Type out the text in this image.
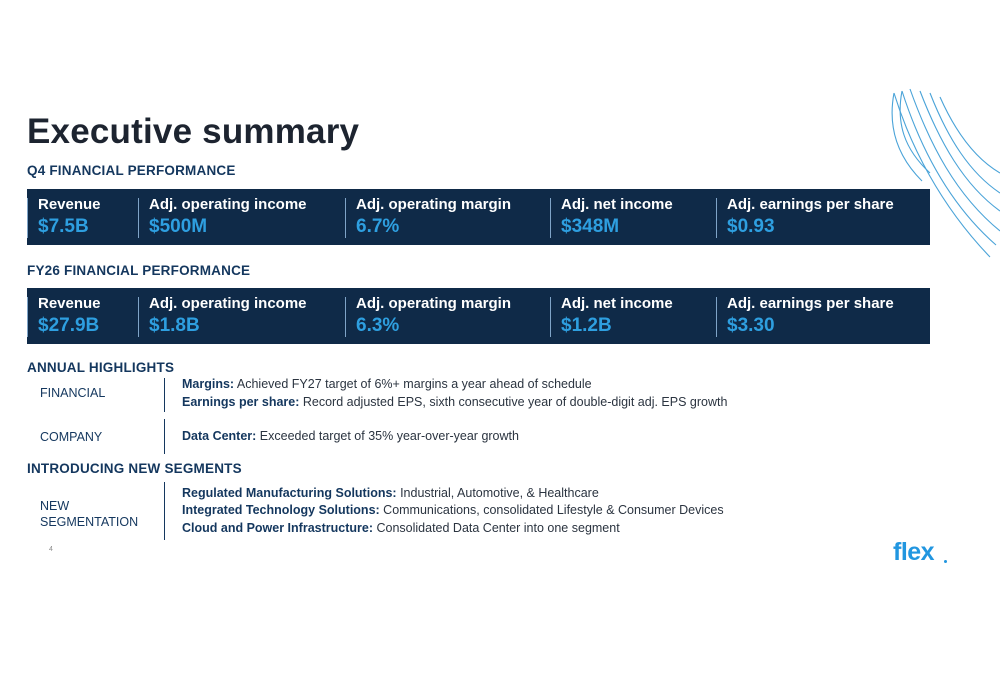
Executive summary
Q4 FINANCIAL PERFORMANCE
Revenue
$7.5B
Adj. operating income
$500M
Adj. operating margin
6.7%
Adj. net income
$348M
Adj. earnings per share
$0.93
FY26 FINANCIAL PERFORMANCE
Revenue
$27.9B
Adj. operating income
$1.8B
Adj. operating margin
6.3%
Adj. net income
$1.2B
Adj. earnings per share
$3.30
ANNUAL HIGHLIGHTS
FINANCIAL
Margins: Achieved FY27 target of 6%+ margins a year ahead of schedule
Earnings per share: Record adjusted EPS, sixth consecutive year of double-digit adj. EPS growth
COMPANY	Data Center: Exceeded target of 35% year-over-year growth
INTRODUCING NEW SEGMENTS
NEW
SEGMENTATION
Regulated Manufacturing Solutions: Industrial, Automotive, & Healthcare
Integrated Technology Solutions: Communications, consolidated Lifestyle & Consumer Devices
Cloud and Power Infrastructure: Consolidated Data Center into one segment
4	flex
